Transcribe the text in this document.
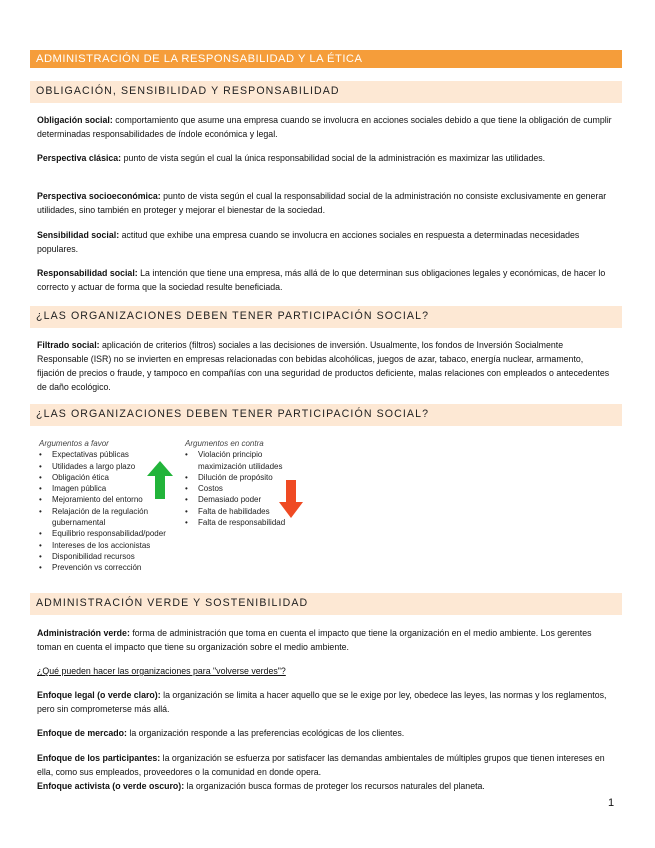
ADMINISTRACIÓN DE LA RESPONSABILIDAD Y LA ÉTICA
OBLIGACIÓN, SENSIBILIDAD Y RESPONSABILIDAD

Obligación social: comportamiento que asume una empresa cuando se involucra en acciones sociales debido a que tiene la obligación de cumplir determinadas responsabilidades de índole económica y legal.

Perspectiva clásica: punto de vista según el cual la única responsabilidad social de la administración es maximizar las utilidades.

Perspectiva socioeconómica: punto de vista según el cual la responsabilidad social de la administración no consiste exclusivamente en generar utilidades, sino también en proteger y mejorar el bienestar de la sociedad.

Sensibilidad social: actitud que exhibe una empresa cuando se involucra en acciones sociales en respuesta a determinadas necesidades populares.

Responsabilidad social: La intención que tiene una empresa, más allá de lo que determinan sus obligaciones legales y económicas, de hacer lo correcto y actuar de forma que la sociedad resulte beneficiada.

¿LAS ORGANIZACIONES DEBEN TENER PARTICIPACIÓN SOCIAL?

Filtrado social: aplicación de criterios (filtros) sociales a las decisiones de inversión. Usualmente, los fondos de Inversión Socialmente Responsable (ISR) no se invierten en empresas relacionadas con bebidas alcohólicas, juegos de azar, tabaco, energía nuclear, armamento, fijación de precios o fraude, y tampoco en compañías con una seguridad de productos deficiente, malas relaciones con empleados o antecedentes de daño ecológico.

¿LAS ORGANIZACIONES DEBEN TENER PARTICIPACIÓN SOCIAL?
Argumentos a favor
• Expectativas públicas
• Utilidades a largo plazo
• Obligación ética
• Imagen pública
• Mejoramiento del entorno
• Relajación de la regulación gubernamental
• Equilibrio responsabilidad/poder
• Intereses de los accionistas
• Disponibilidad recursos
• Prevención vs corrección
Argumentos en contra
• Violación principio maximización utilidades
• Dilución de propósito
• Costos
• Demasiado poder
• Falta de habilidades
• Falta de responsabilidad
ADMINISTRACIÓN VERDE Y SOSTENIBILIDAD

Administración verde: forma de administración que toma en cuenta el impacto que tiene la organización en el medio ambiente. Los gerentes toman en cuenta el impacto que tiene su organización sobre el medio ambiente.

¿Qué pueden hacer las organizaciones para "volverse verdes"?

Enfoque legal (o verde claro): la organización se limita a hacer aquello que se le exige por ley, obedece las leyes, las normas y los reglamentos, pero sin comprometerse más allá.

Enfoque de mercado: la organización responde a las preferencias ecológicas de los clientes.

Enfoque de los participantes: la organización se esfuerza por satisfacer las demandas ambientales de múltiples grupos que tienen intereses en ella, como sus empleados, proveedores o la comunidad en donde opera.

Enfoque activista (o verde oscuro): la organización busca formas de proteger los recursos naturales del planeta.

1
